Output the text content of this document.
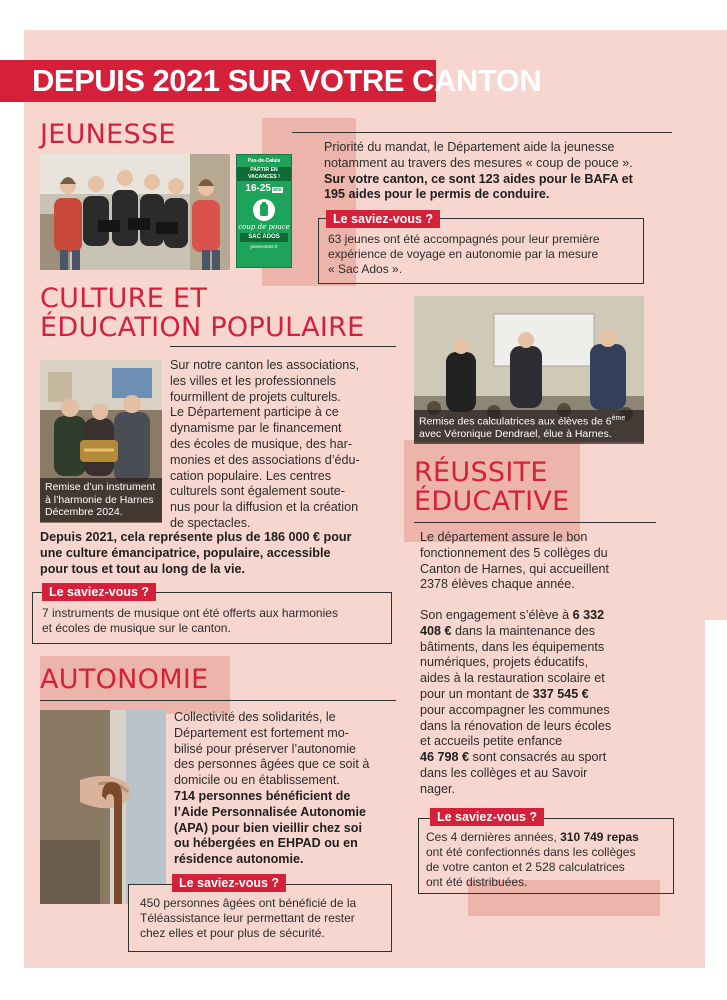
DEPUIS 2021 SUR VOTRE CANTON
JEUNESSE
Pas-de-Calais
PARTIR EN VACANCES !
16-25 ans
coup de pouce
SAC ADOS
jeunesse62.fr
Priorité du mandat, le Département aide la jeunesse
notamment au travers des mesures « coup de pouce ».
Sur votre canton, ce sont 123 aides pour le BAFA et
195 aides pour le permis de conduire.
Le saviez-vous ?
63 jeunes ont été accompagnés pour leur première
expérience de voyage en autonomie par la mesure
« Sac Ados ».
CULTURE ET
ÉDUCATION POPULAIRE
Remise d’un instrument
à l’harmonie de Harnes
Décembre 2024.
Sur notre canton les associations,
les villes et les professionnels
fourmillent de projets culturels.
Le Département participe à ce
dynamisme par le financement
des écoles de musique, des har-
monies et des associations d’édu-
cation populaire. Les centres
culturels sont également soute-
nus pour la diffusion et la création
de spectacles.
Depuis 2021, cela représente plus de 186 000 € pour
une culture émancipatrice, populaire, accessible
pour tous et tout au long de la vie.
Le saviez-vous ?
7 instruments de musique ont été offerts aux harmonies
et écoles de musique sur le canton.
Remise des calculatrices aux élèves de 6ème
avec Véronique Dendrael, élue à Harnes.
RÉUSSITE
ÉDUCATIVE
Le département assure le bon
fonctionnement des 5 collèges du
Canton de Harnes, qui accueillent
2378 élèves chaque année.
Son engagement s’élève à 6 332
408 € dans la maintenance des
bâtiments, dans les équipements
numériques, projets éducatifs,
aides à la restauration scolaire et
pour un montant de 337 545 €
pour accompagner les communes
dans la rénovation de leurs écoles
et accueils petite enfance
46 798 € sont consacrés au sport
dans les collèges et au Savoir
nager.
Le saviez-vous ?
Ces 4 dernières années, 310 749 repas
ont été confectionnés dans les collèges
de votre canton et 2 528 calculatrices
ont été distribuées.
AUTONOMIE
Collectivité des solidarités, le
Département est fortement mo-
bilisé pour préserver l’autonomie
des personnes âgées que ce soit à
domicile ou en établissement.
714 personnes bénéficient de
l’Aide Personnalisée Autonomie
(APA) pour bien vieillir chez soi
ou hébergées en EHPAD ou en
résidence autonomie.
Le saviez-vous ?
450 personnes âgées ont bénéficié de la
Téléassistance leur permettant de rester
chez elles et pour plus de sécurité.
